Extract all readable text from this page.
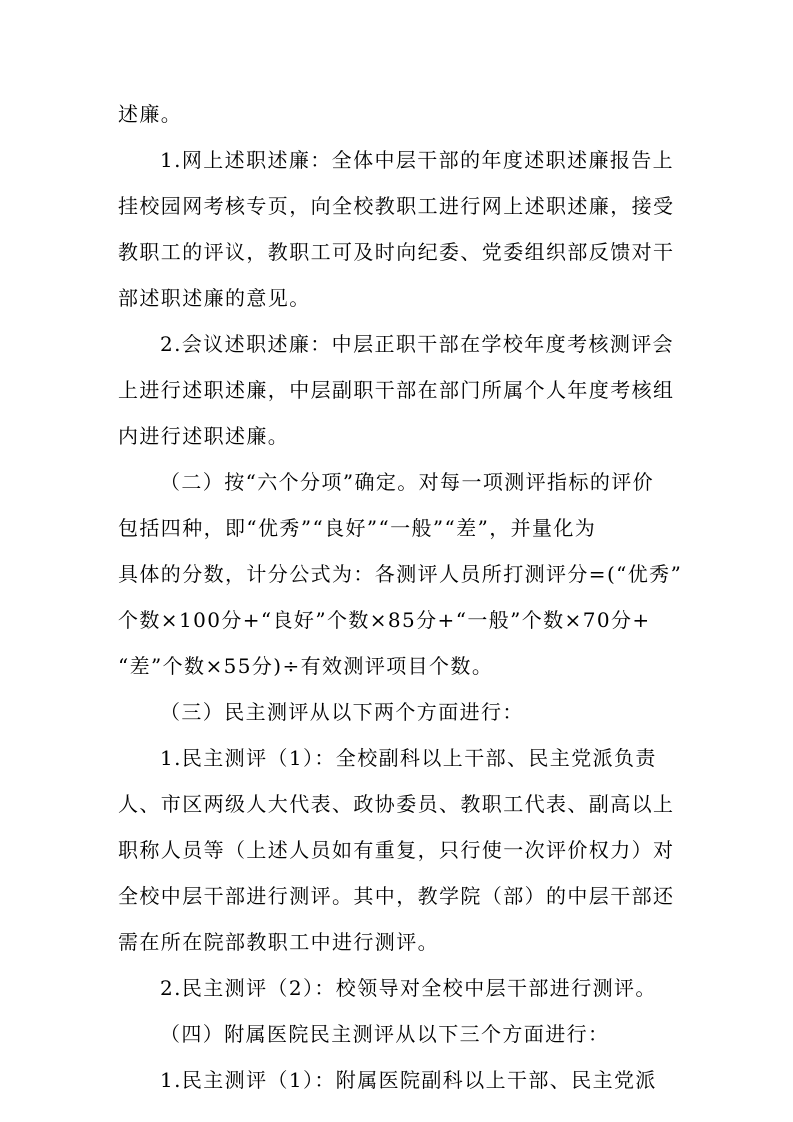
述廉。
1.网上述职述廉：全体中层干部的年度述职述廉报告上
挂校园网考核专页，向全校教职工进行网上述职述廉，接受
教职工的评议，教职工可及时向纪委、党委组织部反馈对干
部述职述廉的意见。
2.会议述职述廉：中层正职干部在学校年度考核测评会
上进行述职述廉，中层副职干部在部门所属个人年度考核组
内进行述职述廉。
（二）按“六个分项”确定。对每一项测评指标的评价
包括四种，即“优秀”“良好”“一般”“差”，并量化为
具体的分数，计分公式为：各测评人员所打测评分=(“优秀”
个数×100分+“良好”个数×85分+“一般”个数×70分+
“差”个数×55分)÷有效测评项目个数。
（三）民主测评从以下两个方面进行：
1.民主测评（1）：全校副科以上干部、民主党派负责
人、市区两级人大代表、政协委员、教职工代表、副高以上
职称人员等（上述人员如有重复，只行使一次评价权力）对
全校中层干部进行测评。其中，教学院（部）的中层干部还
需在所在院部教职工中进行测评。
2.民主测评（2）：校领导对全校中层干部进行测评。
（四）附属医院民主测评从以下三个方面进行：
1.民主测评（1）：附属医院副科以上干部、民主党派
